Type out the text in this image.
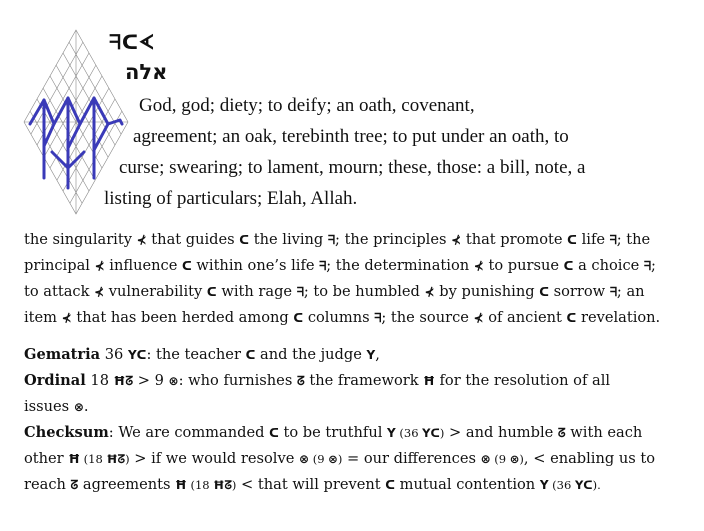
ᖷᑕᗉ
אלה
God, god; diety; to deify; an oath, covenant,
agreement; an oak, terebinth tree; to put under an oath, to
curse; swearing; to lament, mourn; these, those: a bill, note, a
listing of particulars; Elah, Allah.
the singularity ⊀ that guides ᑕ the living ᖷ; the principles ⊀ that promote ᑕ life ᖷ; the
principal ⊀ influence ᑕ within one’s life ᖷ; the determination ⊀ to pursue ᑕ a choice ᖷ;
to attack ⊀ vulnerability ᑕ with rage ᖷ; to be humbled ⊀ by punishing ᑕ sorrow ᖷ; an
item ⊀ that has been herded among ᑕ columns ᖷ; the source ⊀ of ancient ᑕ revelation.
Gematria 36 Yᑕ: the teacher ᑕ and the judge Y,
Ordinal 18 Ħᘔ > 9 ⊗: who furnishes ᘔ the framework Ħ for the resolution of all
issues ⊗.
Checksum: We are commanded ᑕ to be truthful Y (36 Yᑕ) > and humble ᘔ with each
other Ħ (18 Ħᘔ) > if we would resolve ⊗ (9 ⊗) = our differences ⊗ (9 ⊗), < enabling us to
reach ᘔ agreements Ħ (18 Ħᘔ) < that will prevent ᑕ mutual contention Y (36 Yᑕ).
